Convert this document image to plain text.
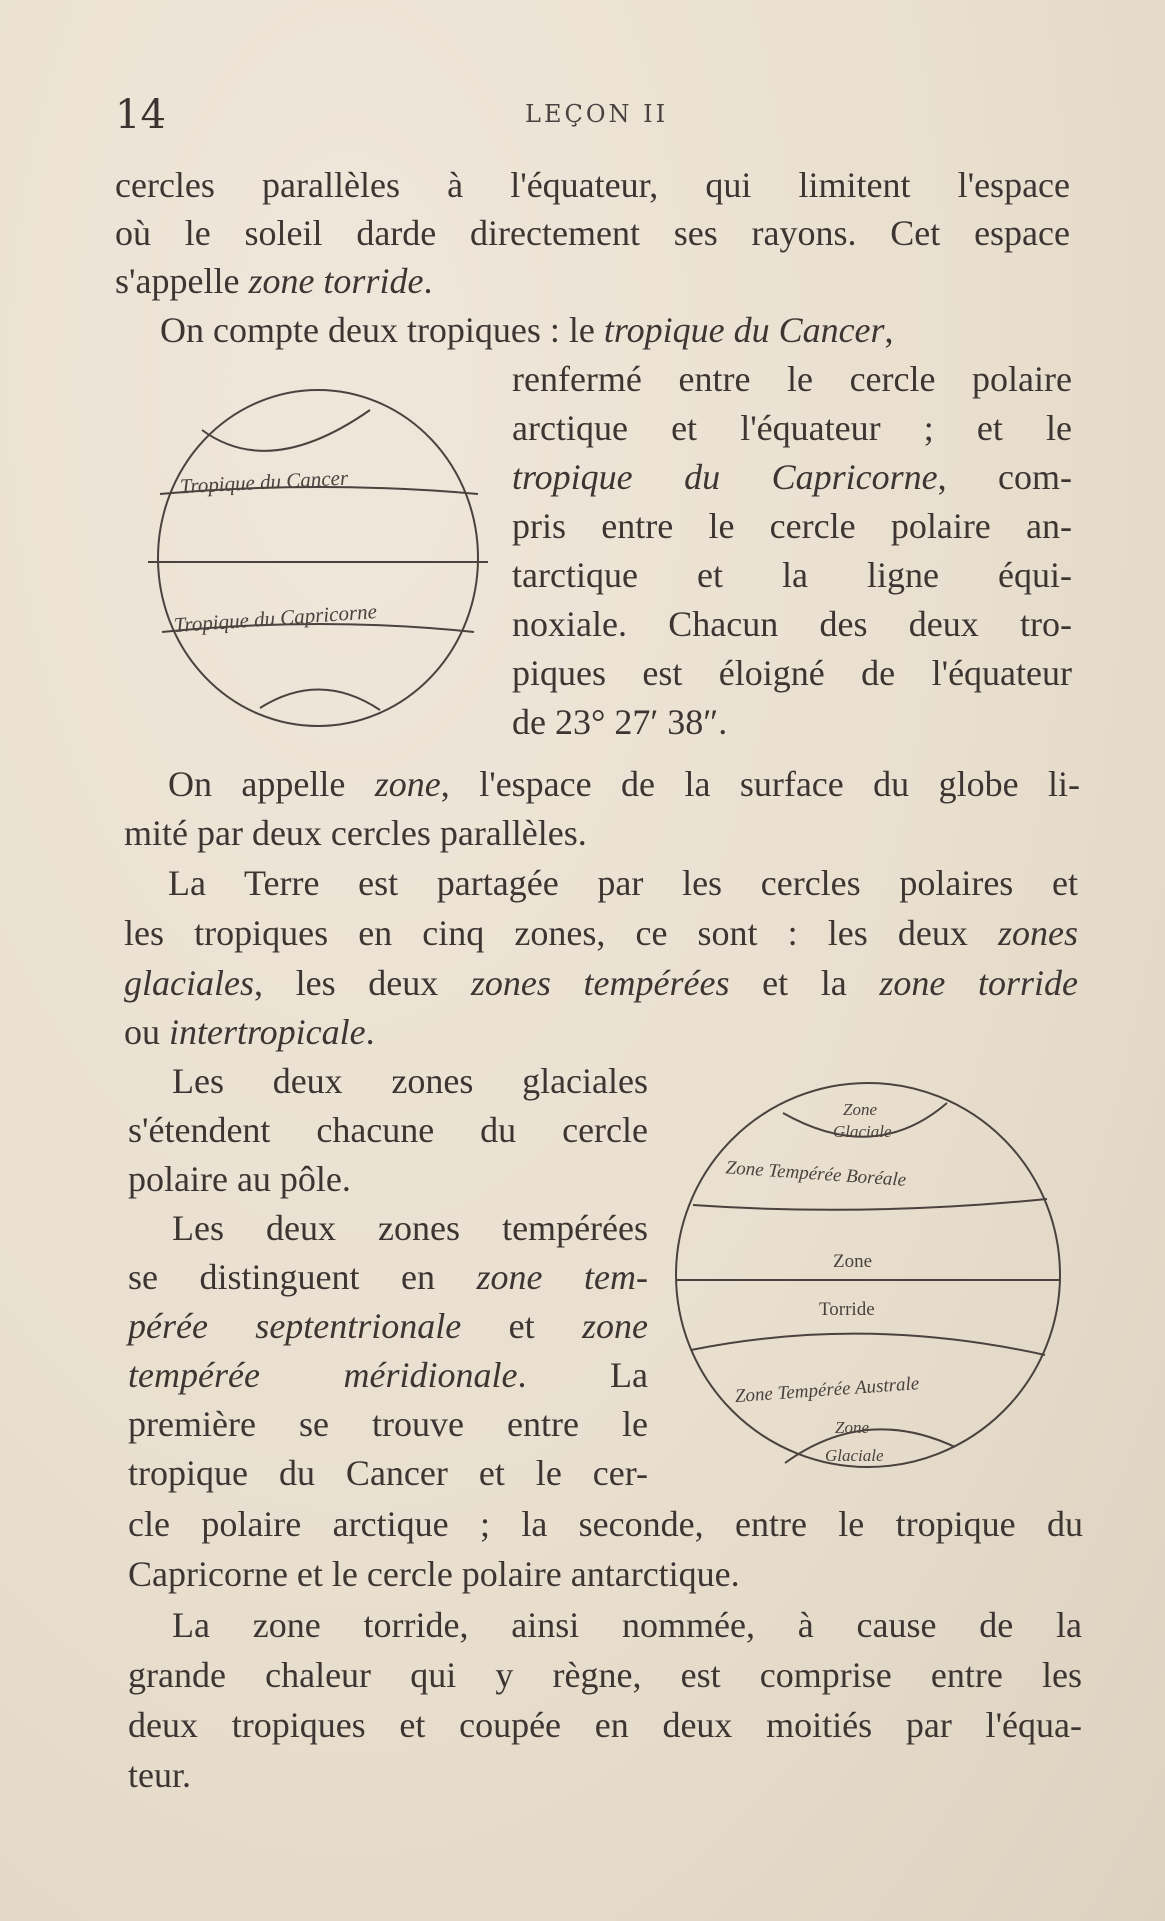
14	LEÇON II
cercles parallèles à l'équateur, qui limitent l'espace
où le soleil darde directement ses rayons. Cet espace
s'appelle zone torride.
On compte deux tropiques : le tropique du Cancer,
renfermé entre le cercle polaire
arctique et l'équateur ; et le
tropique du Capricorne, com-
pris entre le cercle polaire an-
tarctique et la ligne équi-
noxiale. Chacun des deux tro-
piques est éloigné de l'équateur
de 23° 27′ 38″.
Tropique du Cancer
Tropique du Capricorne
On appelle zone, l'espace de la surface du globe li-
mité par deux cercles parallèles.
La Terre est partagée par les cercles polaires et
les tropiques en cinq zones, ce sont : les deux zones
glaciales, les deux zones tempérées et la zone torride
ou intertropicale.
Les deux zones glaciales
s'étendent chacune du cercle
polaire au pôle.
Les deux zones tempérées
se distinguent en zone tem-
pérée septentrionale et zone
tempérée méridionale. La
première se trouve entre le
tropique du Cancer et le cer-
cle polaire arctique ; la seconde, entre le tropique du
Capricorne et le cercle polaire antarctique.
Zone
Glaciale
Zone Tempérée Boréale
Zone
Torride
Zone Tempérée Australe
Zone
Glaciale
La zone torride, ainsi nommée, à cause de la
grande chaleur qui y règne, est comprise entre les
deux tropiques et coupée en deux moitiés par l'équa-
teur.
